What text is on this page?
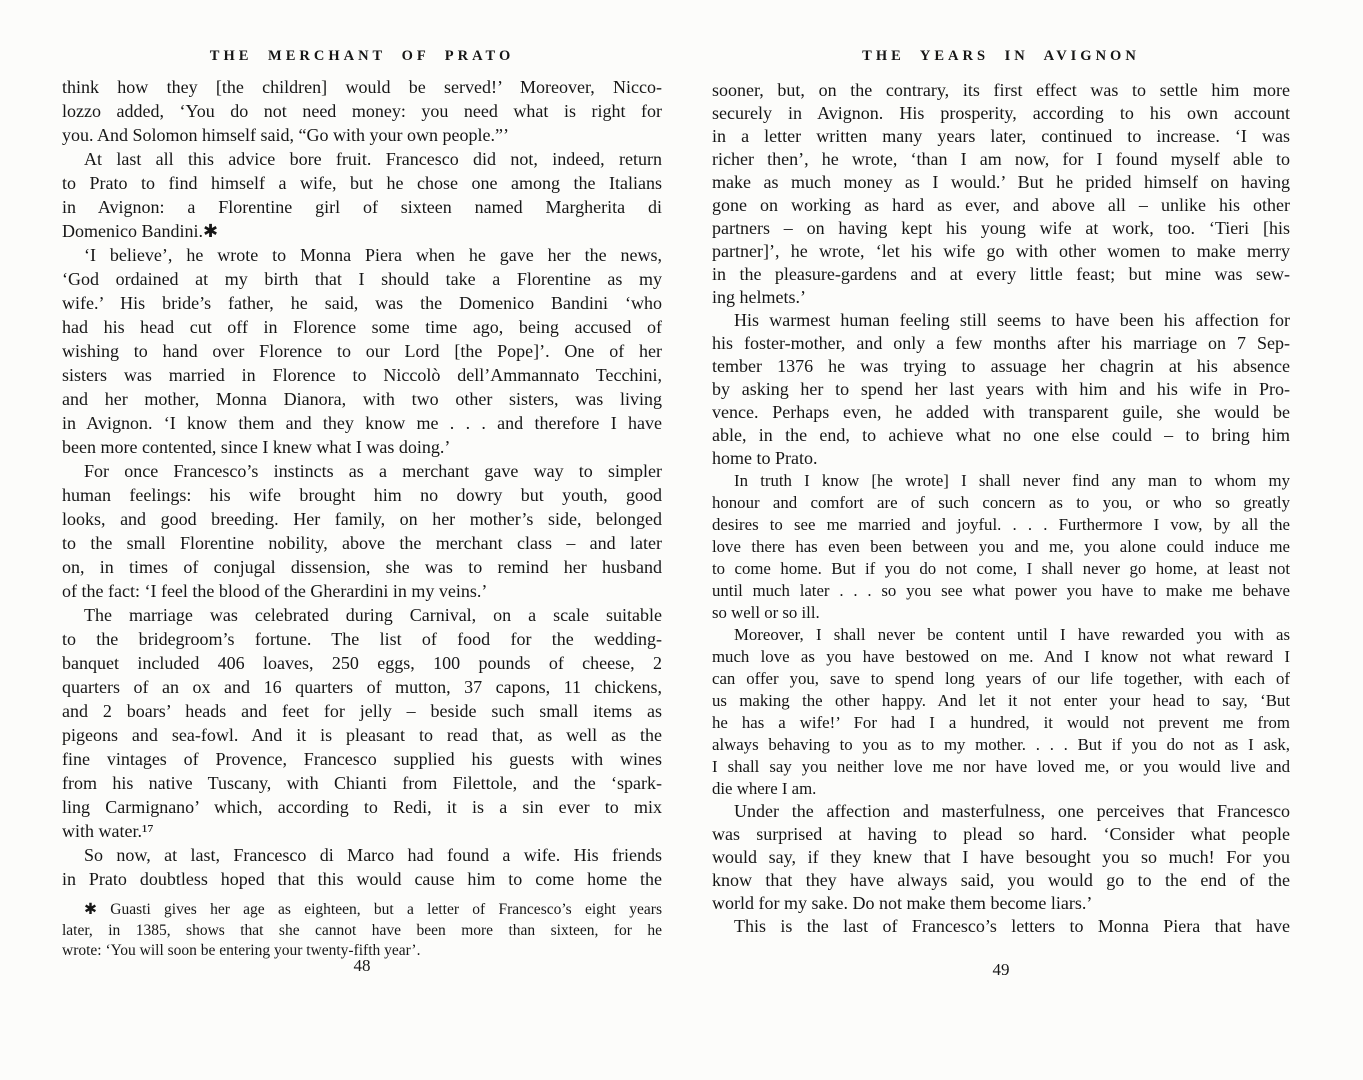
THE MERCHANT OF PRATO
think how they [the children] would be served!’ Moreover, Nicco-
lozzo added, ‘You do not need money: you need what is right for
you. And Solomon himself said, “Go with your own people.”’
At last all this advice bore fruit. Francesco did not, indeed, return
to Prato to find himself a wife, but he chose one among the Italians
in Avignon: a Florentine girl of sixteen named Margherita di
Domenico Bandini.✱
‘I believe’, he wrote to Monna Piera when he gave her the news,
‘God ordained at my birth that I should take a Florentine as my
wife.’ His bride’s father, he said, was the Domenico Bandini ‘who
had his head cut off in Florence some time ago, being accused of
wishing to hand over Florence to our Lord [the Pope]’. One of her
sisters was married in Florence to Niccolò dell’Ammannato Tecchini,
and her mother, Monna Dianora, with two other sisters, was living
in Avignon. ‘I know them and they know me . . . and therefore I have
been more contented, since I knew what I was doing.’
For once Francesco’s instincts as a merchant gave way to simpler
human feelings: his wife brought him no dowry but youth, good
looks, and good breeding. Her family, on her mother’s side, belonged
to the small Florentine nobility, above the merchant class – and later
on, in times of conjugal dissension, she was to remind her husband
of the fact: ‘I feel the blood of the Gherardini in my veins.’
The marriage was celebrated during Carnival, on a scale suitable
to the bridegroom’s fortune. The list of food for the wedding-
banquet included 406 loaves, 250 eggs, 100 pounds of cheese, 2
quarters of an ox and 16 quarters of mutton, 37 capons, 11 chickens,
and 2 boars’ heads and feet for jelly – beside such small items as
pigeons and sea-fowl. And it is pleasant to read that, as well as the
fine vintages of Provence, Francesco supplied his guests with wines
from his native Tuscany, with Chianti from Filettole, and the ‘spark-
ling Carmignano’ which, according to Redi, it is a sin ever to mix
with water.¹⁷
So now, at last, Francesco di Marco had found a wife. His friends
in Prato doubtless hoped that this would cause him to come home the
✱ Guasti gives her age as eighteen, but a letter of Francesco’s eight years
later, in 1385, shows that she cannot have been more than sixteen, for he
wrote: ‘You will soon be entering your twenty-fifth year’.
48
THE YEARS IN AVIGNON
sooner, but, on the contrary, its first effect was to settle him more
securely in Avignon. His prosperity, according to his own account
in a letter written many years later, continued to increase. ‘I was
richer then’, he wrote, ‘than I am now, for I found myself able to
make as much money as I would.’ But he prided himself on having
gone on working as hard as ever, and above all – unlike his other
partners – on having kept his young wife at work, too. ‘Tieri [his
partner]’, he wrote, ‘let his wife go with other women to make merry
in the pleasure-gardens and at every little feast; but mine was sew-
ing helmets.’
His warmest human feeling still seems to have been his affection for
his foster-mother, and only a few months after his marriage on 7 Sep-
tember 1376 he was trying to assuage her chagrin at his absence
by asking her to spend her last years with him and his wife in Pro-
vence. Perhaps even, he added with transparent guile, she would be
able, in the end, to achieve what no one else could – to bring him
home to Prato.
In truth I know [he wrote] I shall never find any man to whom my
honour and comfort are of such concern as to you, or who so greatly
desires to see me married and joyful. . . . Furthermore I vow, by all the
love there has even been between you and me, you alone could induce me
to come home. But if you do not come, I shall never go home, at least not
until much later . . . so you see what power you have to make me behave
so well or so ill.
Moreover, I shall never be content until I have rewarded you with as
much love as you have bestowed on me. And I know not what reward I
can offer you, save to spend long years of our life together, with each of
us making the other happy. And let it not enter your head to say, ‘But
he has a wife!’ For had I a hundred, it would not prevent me from
always behaving to you as to my mother. . . . But if you do not as I ask,
I shall say you neither love me nor have loved me, or you would live and
die where I am.
Under the affection and masterfulness, one perceives that Francesco
was surprised at having to plead so hard. ‘Consider what people
would say, if they knew that I have besought you so much! For you
know that they have always said, you would go to the end of the
world for my sake. Do not make them become liars.’
This is the last of Francesco’s letters to Monna Piera that have
49
